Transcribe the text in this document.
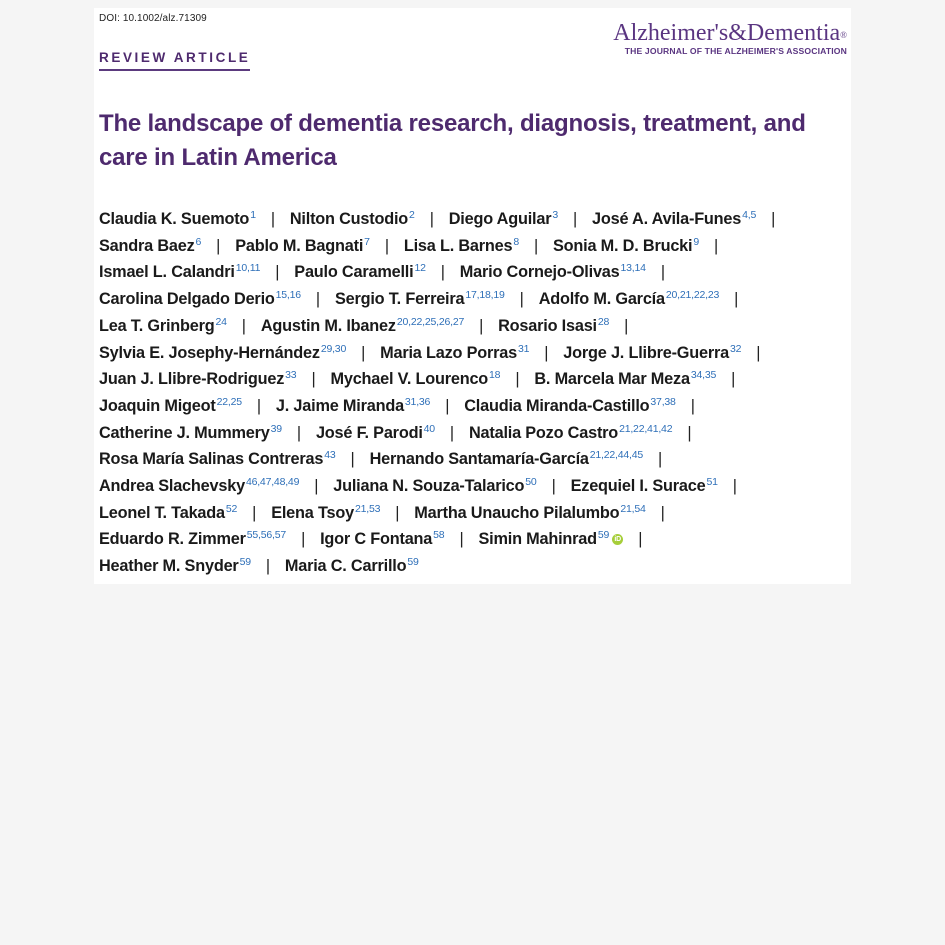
DOI: 10.1002/alz.71309
REVIEW ARTICLE
Alzheimer's&Dementia®
THE JOURNAL OF THE ALZHEIMER'S ASSOCIATION
The landscape of dementia research, diagnosis, treatment, and care in Latin America
Claudia K. Suemoto$^1$ | Nilton Custodio$^2$ | Diego Aguilar$^3$ | José A. Avila-Funes$^{4,5}$ |
Sandra Baez$^6$ | Pablo M. Bagnati$^7$ | Lisa L. Barnes$^8$ | Sonia M. D. Brucki$^9$ |
Ismael L. Calandri$^{10,11}$ | Paulo Caramelli$^{12}$ | Mario Cornejo-Olivas$^{13,14}$ |
Carolina Delgado Derio$^{15,16}$ | Sergio T. Ferreira$^{17,18,19}$ | Adolfo M. García$^{20,21,22,23}$ |
Lea T. Grinberg$^{24}$ | Agustin M. Ibanez$^{20,22,25,26,27}$ | Rosario Isasi$^{28}$ |
Sylvia E. Josephy-Hernández$^{29,30}$ | Maria Lazo Porras$^{31}$ | Jorge J. Llibre-Guerra$^{32}$ |
Juan J. Llibre-Rodriguez$^{33}$ | Mychael V. Lourenco$^{18}$ | B. Marcela Mar Meza$^{34,35}$ |
Joaquin Migeot$^{22,25}$ | J. Jaime Miranda$^{31,36}$ | Claudia Miranda-Castillo$^{37,38}$ |
Catherine J. Mummery$^{39}$ | José F. Parodi$^{40}$ | Natalia Pozo Castro$^{21,22,41,42}$ |
Rosa María Salinas Contreras$^{43}$ | Hernando Santamaría-García$^{21,22,44,45}$ |
Andrea Slachevsky$^{46,47,48,49}$ | Juliana N. Souza-Talarico$^{50}$ | Ezequiel I. Surace$^{51}$ |
Leonel T. Takada$^{52}$ | Elena Tsoy$^{21,53}$ | Martha Unaucho Pilalumbo$^{21,54}$ |
Eduardo R. Zimmer$^{55,56,57}$ | Igor C Fontana$^{58}$ | Simin Mahinrad$^{59}$ iD |
Heather M. Snyder$^{59}$ | Maria C. Carrillo$^{59}$
